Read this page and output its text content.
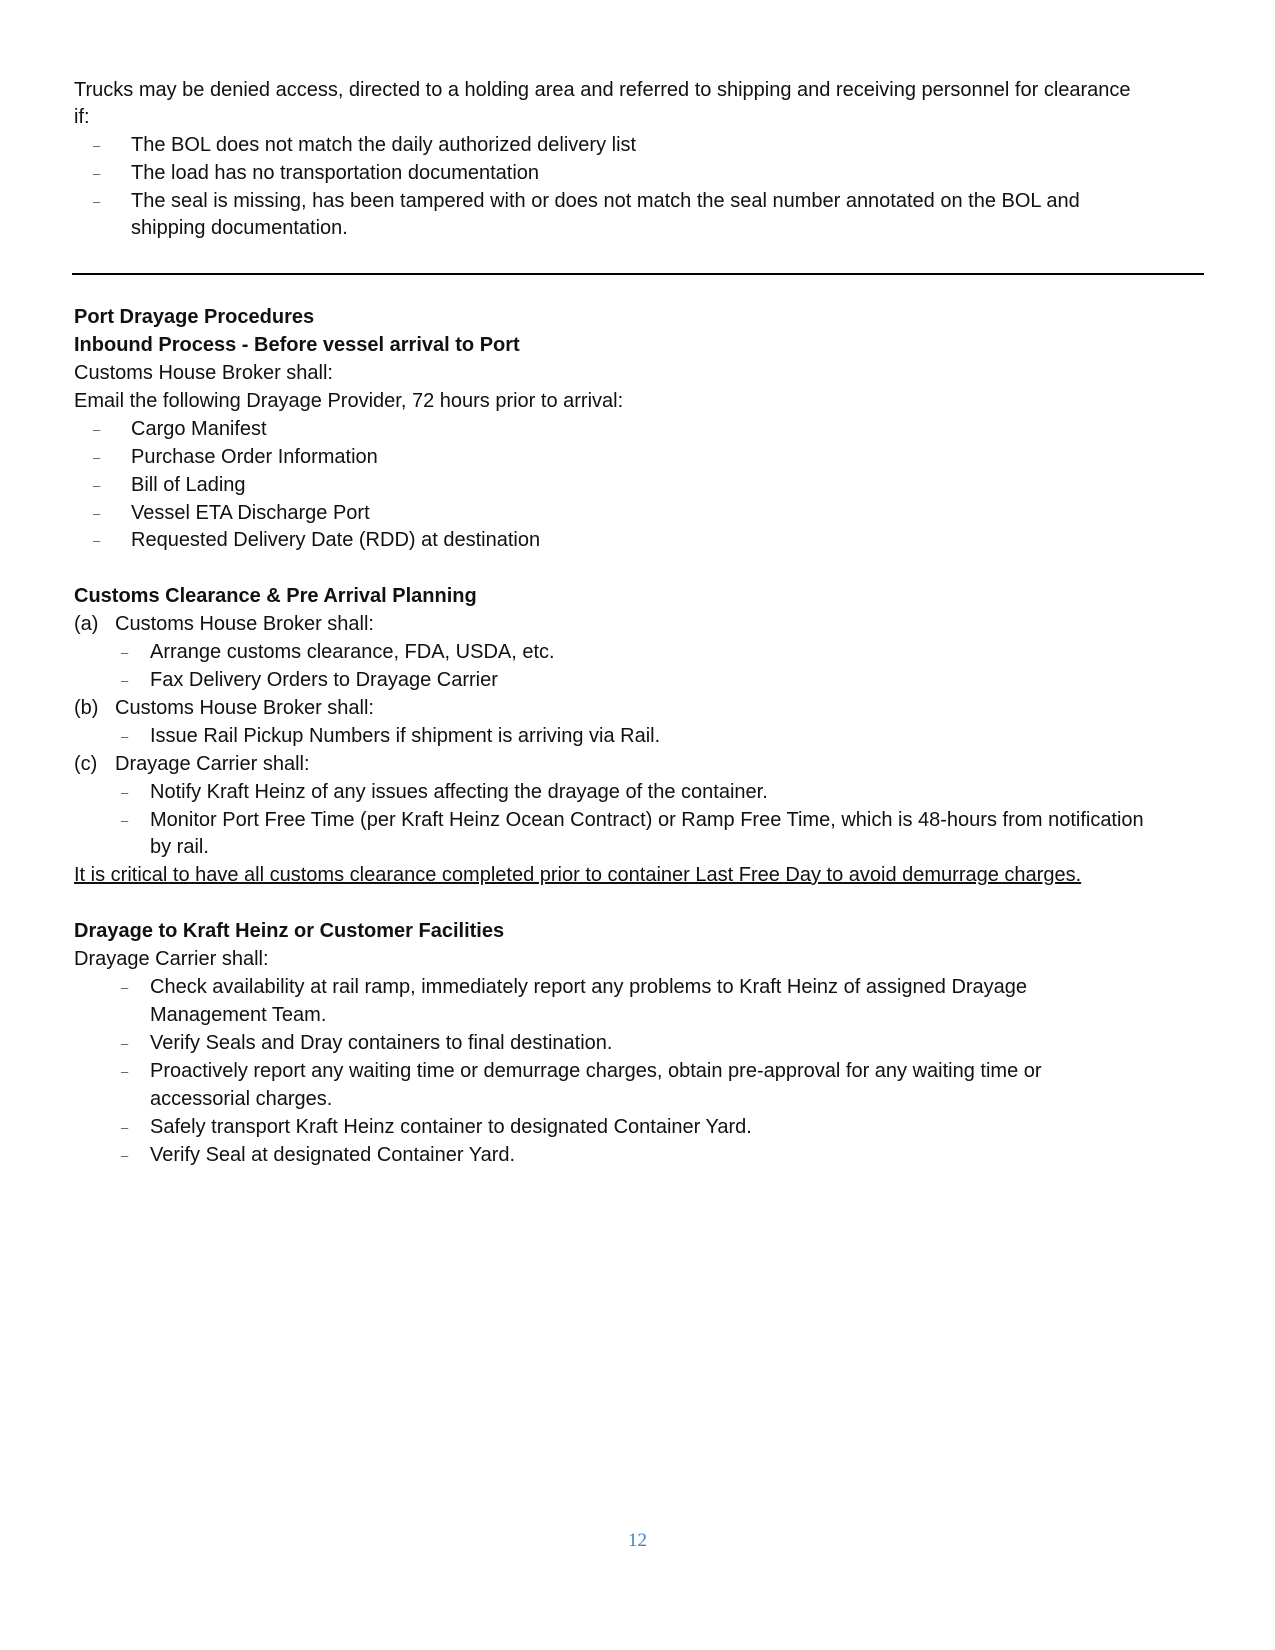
Trucks may be denied access, directed to a holding area and referred to shipping and receiving personnel for clearance
if:
– The BOL does not match the daily authorized delivery list
– The load has no transportation documentation
– The seal is missing, has been tampered with or does not match the seal number annotated on the BOL and
shipping documentation.
Port Drayage Procedures
Inbound Process - Before vessel arrival to Port
Customs House Broker shall:
Email the following Drayage Provider, 72 hours prior to arrival:
– Cargo Manifest
– Purchase Order Information
– Bill of Lading
– Vessel ETA Discharge Port
– Requested Delivery Date (RDD) at destination
Customs Clearance & Pre Arrival Planning
(a) Customs House Broker shall:
– Arrange customs clearance, FDA, USDA, etc.
– Fax Delivery Orders to Drayage Carrier
(b) Customs House Broker shall:
– Issue Rail Pickup Numbers if shipment is arriving via Rail.
(c) Drayage Carrier shall:
– Notify Kraft Heinz of any issues affecting the drayage of the container.
– Monitor Port Free Time (per Kraft Heinz Ocean Contract) or Ramp Free Time, which is 48-hours from notification
by rail.
It is critical to have all customs clearance completed prior to container Last Free Day to avoid demurrage charges.
Drayage to Kraft Heinz or Customer Facilities
Drayage Carrier shall:
– Check availability at rail ramp, immediately report any problems to Kraft Heinz of assigned Drayage
Management Team.
– Verify Seals and Dray containers to final destination.
– Proactively report any waiting time or demurrage charges, obtain pre-approval for any waiting time or
accessorial charges.
– Safely transport Kraft Heinz container to designated Container Yard.
– Verify Seal at designated Container Yard.
12
